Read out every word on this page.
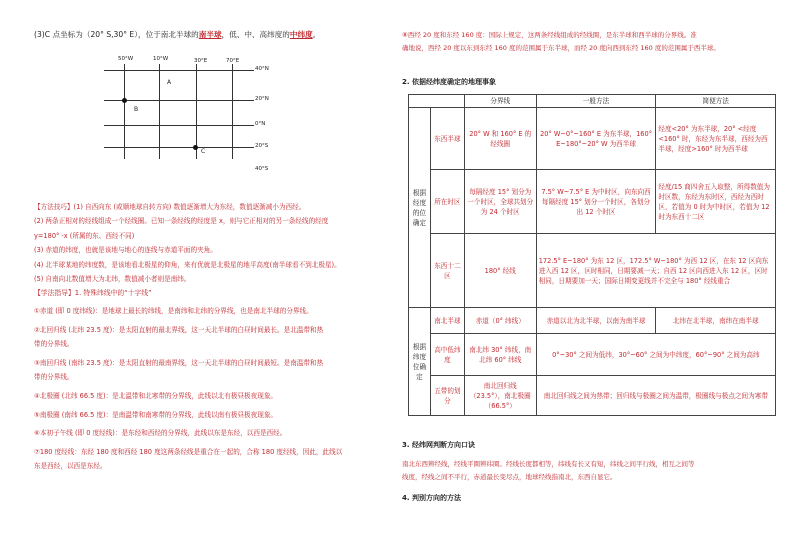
(3)C 点坐标为（20° S,30° E），位于南北半球的南半球，低、中、高纬度的中纬度。
50°W	10°W	30°E	70°E
40°N
20°N
0°N
20°S
40°S
A
B
C
【方法技巧】(1) 自西向东 (或顺地球自转方向) 数值逐渐增大为东经，数值逐渐减小为西经。
(2) 两条正相对的经线组成一个经线圈。已知一条经线的经度是 x，则与它正相对的另一条经线的经度
y=180° -x (所属的东、西经不同)
(3) 赤道的纬度，也就是该地与地心的连线与赤道平面的夹角。
(4) 北半球某地的纬度数，是该地看北极星的仰角，来有优就是北极星的地平高度(南半球看不到北极星)。
(5) 自南向北数值增大为北纬，数值减小者则是南纬。
【学法指导】1. 特殊纬线中的“十字线”
①赤道 (即 0 度纬线)：是地球上最长的纬线，是南纬和北纬的分界线，也是南北半球的分界线。
②北回归线 (北纬 23.5 度)：是太阳直射的最北界线，这一天北半球的白昼时间最长。是北温带和热
带的分界线。
③南回归线 (南纬 23.5 度)：是太阳直射的最南界线，这一天北半球的白昼时间最短。是南温带和热
带的分界线。
④北极圈 (北纬 66.5 度)：是北温带和北寒带的分界线，此线以北有极昼极夜现象。
⑤南极圈 (南纬 66.5 度)：是南温带和南寒带的分界线，此线以南有极昼极夜现象。
⑥本初子午线 (即 0 度经线)：是东经和西经的分界线，此线以东是东经，以西是西经。
⑦180 度经线：东经 180 度和西经 180 度这两条经线是重合在一起的，合称 180 度经线，因此，此线以
东是西经，以西是东经。
⑧西经 20 度和东经 160 度：国际上规定，这两条经线组成的经线圈，是东半球和西半球的分界线。准
确地说，西经 20 度以东到东经 160 度的范围属于东半球，而经 20 度向西到东经 160 度的范围属于西半球。
2. 依据经纬度确定的地理事象
		分界线	一般方法	简便方法
根据经度的位确定	东西半球	20° W 和 160° E 的经线圈	20° W~0°~160° E 为东半球，160° E~180°~20° W 为西半球	经度<20° 为东半球，20° <经度<160° 时，东经为东半球，西经为西半球，经度>160° 时为西半球
	所在时区	每隔经度 15° 划分为一个时区，全球共划分为 24 个时区	7.5° W~7.5° E 为中时区，向东向西每隔经度 15° 划分一个时区，各划分出 12 个时区	经度/15 商四舍五入取整，所得数值为时区数，东经为东时区，西经为西时区，若值为 0 时为中时区，若值为 12 时为东西十二区
	东西十二区	180° 经线	172.5° E~180° 为东 12 区，172.5° W~180° 为西 12 区，在东 12 区向东进入西 12 区，区时相同，日期要减一天；自西 12 区向西进入东 12 区，区时相同，日期要加一天；国际日期变更线并不完全与 180° 经线重合	
根据纬度位确定	南北半球	赤道（0° 纬线）	赤道以北为北半球，以南为南半球	北纬在北半球，南纬在南半球
	高中低纬度	南北纬 30° 纬线，南北纬 60° 纬线	0°~30° 之间为低纬，30°~60° 之间为中纬度，60°~90° 之间为高纬	
	五带的划分	南北回归线（23.5°），南北极圈（66.5°）	南北回归线之间为热带；回归线与极圈之间为温带，极圈线与极点之间为寒带	
3. 经纬网判断方向口诀
南北东西辨经线，经线平圈辨纬圈。经线长度都相等，纬线有长又有短，纬线之间平行线，相互之间等
线度，经线之间不平行，赤道最长变尽点，地球经线指南北，东西自显它。
4. 判别方向的方法
